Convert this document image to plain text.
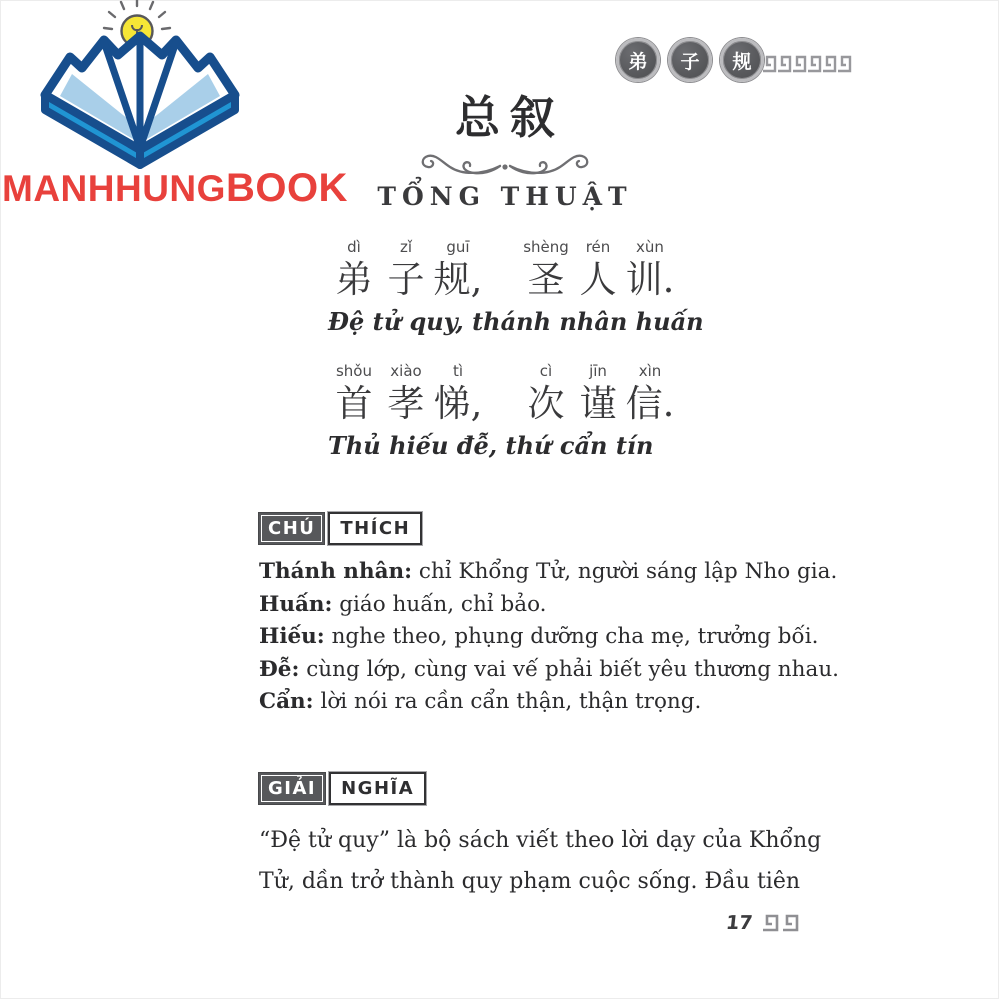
MANHHUNGBOOK
弟	子	规
总叙
TỔNG THUẬT
dì
弟
zǐ
子
guī
规,
shèng
圣
rén
人
xùn
训.
Đệ tử quy, thánh nhân huấn
shǒu
首
xiào
孝
tì
悌,
cì
次
jīn
谨
xìn
信.
Thủ hiếu đễ, thứ cẩn tín
CHÚ	THÍCH
Thánh nhân: chỉ Khổng Tử, người sáng lập Nho gia.
Huấn: giáo huấn, chỉ bảo.
Hiếu: nghe theo, phụng dưỡng cha mẹ, trưởng bối.
Đễ: cùng lớp, cùng vai vế phải biết yêu thương nhau.
Cẩn: lời nói ra cần cẩn thận, thận trọng.
GIẢI	NGHĨA
“Đệ tử quy” là bộ sách viết theo lời dạy của Khổng
Tử, dần trở thành quy phạm cuộc sống. Đầu tiên
17
